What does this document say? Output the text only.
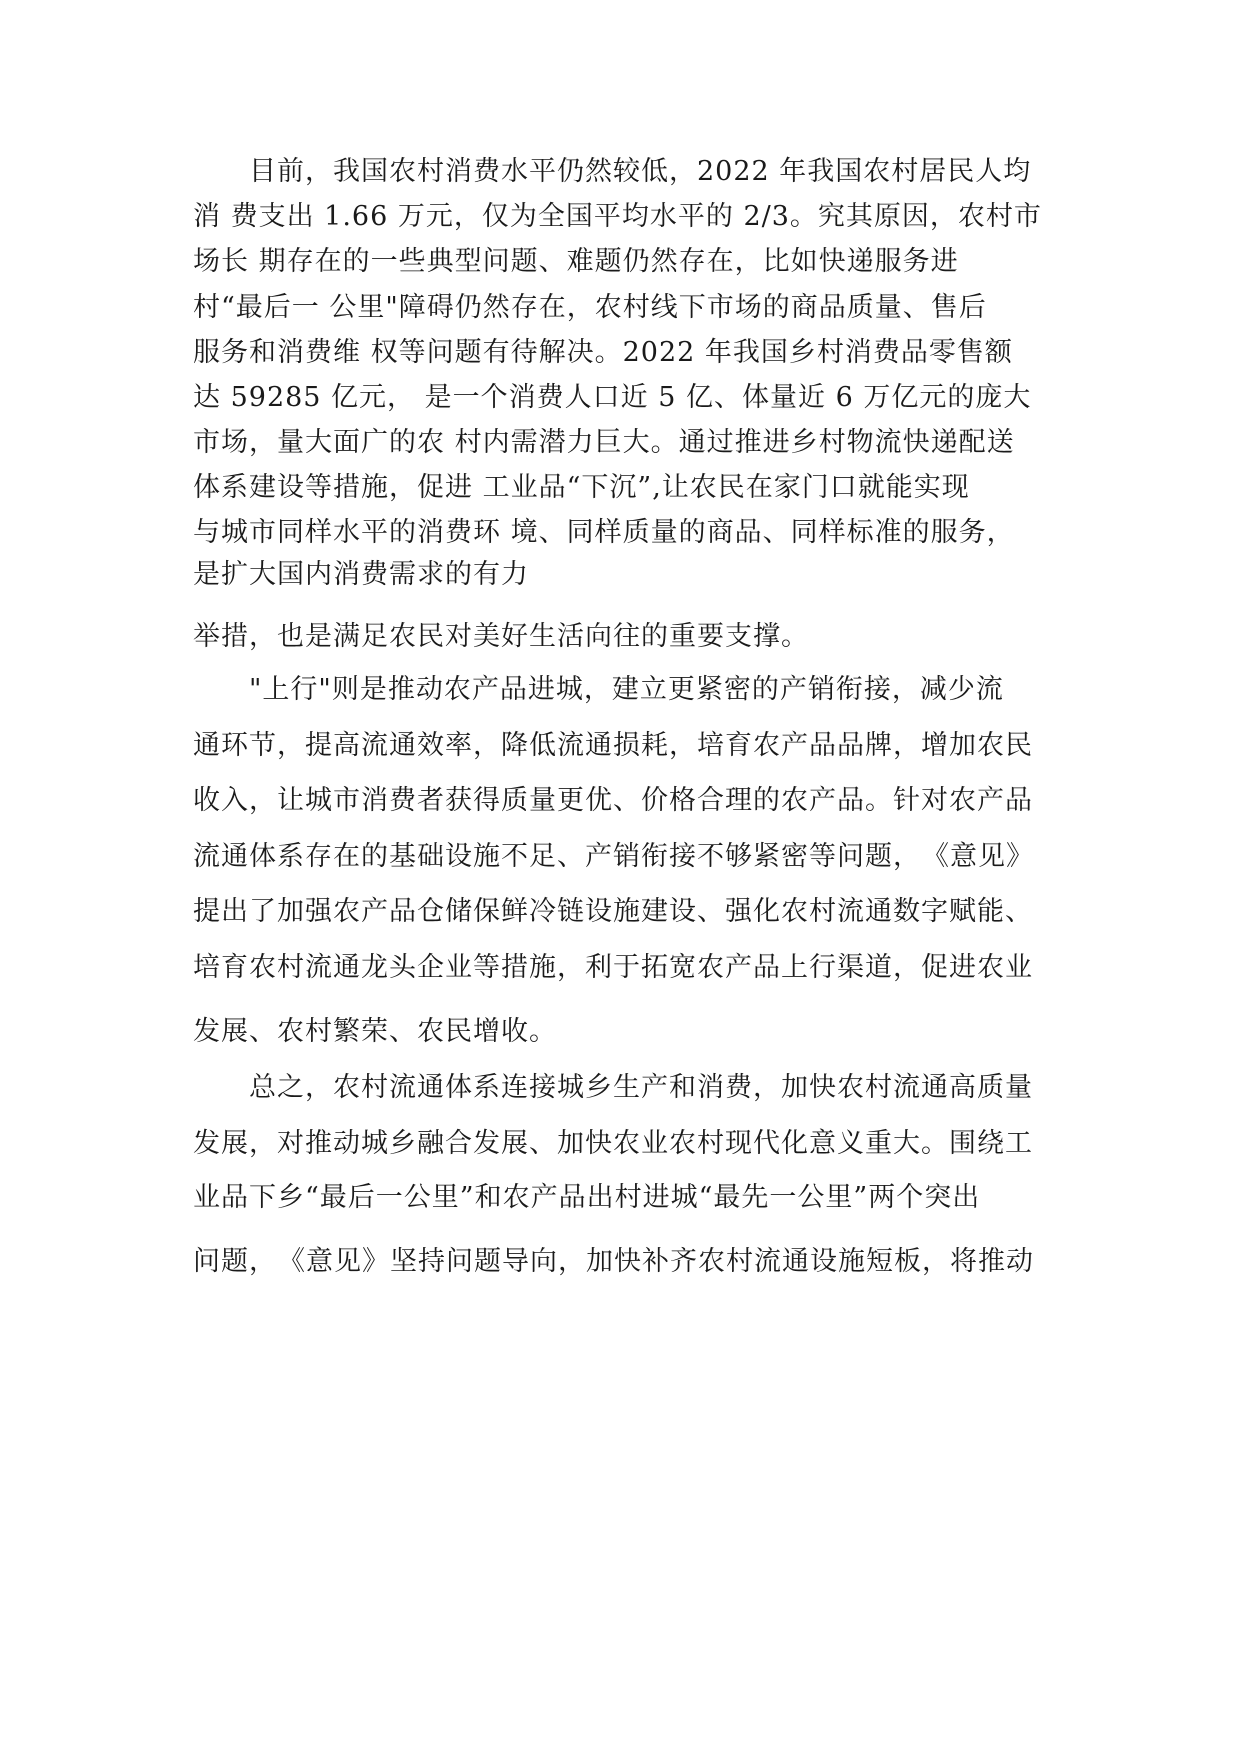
　　目前，我国农村消费水平仍然较低，2022 年我国农村居民人均
消 费支出 1.66 万元，仅为全国平均水平的 2/3。究其原因，农村市
场长 期存在的一些典型问题、难题仍然存在，比如快递服务进
村“最后一 公里"障碍仍然存在，农村线下市场的商品质量、售后
服务和消费维 权等问题有待解决。2022 年我国乡村消费品零售额
达 59285 亿元， 是一个消费人口近 5 亿、体量近 6 万亿元的庞大
市场，量大面广的农 村内需潜力巨大。通过推进乡村物流快递配送
体系建设等措施，促进 工业品“下沉”,让农民在家门口就能实现
与城市同样水平的消费环 境、同样质量的商品、同样标准的服务，
是扩大国内消费需求的有力
举措，也是满足农民对美好生活向往的重要支撑。
　　"上行"则是推动农产品进城，建立更紧密的产销衔接，减少流
通环节，提高流通效率，降低流通损耗，培育农产品品牌，增加农民
收入，让城市消费者获得质量更优、价格合理的农产品。针对农产品
流通体系存在的基础设施不足、产销衔接不够紧密等问题，　《意见》
提出了加强农产品仓储保鲜冷链设施建设、强化农村流通数字赋能、
培育农村流通龙头企业等措施，利于拓宽农产品上行渠道，促进农业
发展、农村繁荣、农民增收。
　　总之，农村流通体系连接城乡生产和消费，加快农村流通高质量
发展，对推动城乡融合发展、加快农业农村现代化意义重大。围绕工
业品下乡“最后一公里”和农产品出村进城“最先一公里”两个突出
问题，　《意见》坚持问题导向，加快补齐农村流通设施短板，将推动
